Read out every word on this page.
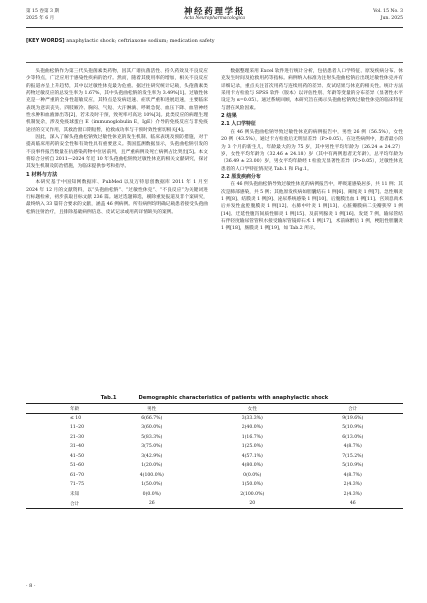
第 15 卷第 3 期
2025 年 6 月
神经药理学报
Acta Neuropharmacologica
Vol. 15 No. 3
Jun. 2025
[KEY WORDS] anaphylactic shock; ceftriaxone sodium; medication safety

头孢曲松钠作为第三代头孢菌素类药物，因其广谱抗菌活性、持久药效及不良反应少等特点，广泛应用于感染性疾病的治疗。然而，随着其使用率的增加，相关不良反应的报道亦呈上升趋势，其中以过敏性休克最为危重。据过往研究统计记载，头孢菌素类药物过敏反应的总发生率为 1.67%，其中头孢曲松钠的发生率为 3.49%[1]。过敏性休克是一种严重的全身性超敏反应，其特点是发病迅速、症状严重和进展迅速，主要临床表现为意识丧失、四肢厥冷、胸闷、气短、大汗淋漓、呼吸急促、血压下降、血管神经性水肿和血液渗出等[2]，若未及时干预，致死率可高达 10%[3]。此类反应的病理生理机制复杂，涉及免疫球蛋白 E（immunoglobulin E，IgE）介导的免疫反应与非免疫途径的交叉作用，其救治窗口期短暂，抢救成功率与干预时效性密切相关[4]。

因此，深入了解头孢曲松钠致过敏性休克的发生机制、临床表现及预防措施，对于提高临床用药的安全性和有效性具有重要意义。我国监测数据显示，头孢曲松钠引发的不良事件报告数量在抗感染药物中位居前列，且严重病例及死亡病例占比突出[5]。本文将综合分析自 2011—2024 年近 10 年头孢曲松钠致过敏性休克的相关文献研究，探讨其发生机制及防治措施，为临床提供参考和指导。

1 材料与方法

本研究基于中国知网数据库、PubMed 以及万特思创数据库 2011 年 1 月至 2024 年 12 月的文献资料，以“头孢曲松钠”、“过敏性休克”、“不良反应”为关键词进行标题检索，初步获取目标文献 236 篇。通过选题筛选，剔除重复报道及非个案研究，最终纳入 33 篇符合要求的文献，涵盖 46 例病例。所有病例均明确记载患者接受头孢曲松钠注射治疗，且排除基础病例信息、皮试记录或用药详情缺失的案例。

数据整理采用 Excel 软件进行统计分析，包括患者人口学特征、原发疾病分布、休克发生时间及抢救用药等指标。病例纳入标准为注射头孢曲松钠后出现过敏性休克并有详细记录，重点关注首次用药与连续用药的差异、皮试结果与休克的相关性。统计方法采用卡方检验与 SPSS 软件（版本）以评估性别、年龄等变量的分布差异（显著性水平设定为 α=0.05）。通过系统回顾，本研究旨在揭示头孢曲松钠致过敏性休克的临床特征与潜在风险因素。

2 结果
2.1 人口学特征

在 46 例头孢曲松钠导致过敏性休克的病例报告中，男性 26 例（56.5%），女性 20 例（43.5%），通过卡方检验后无明显差异（P>0.05）。在这些病例中，患者最小的为 3 个月的新生儿，年龄最大的为 75 岁，其中男性平均年龄为（26.24 ± 24.27）岁，女性平均年龄为（32.46 ± 24.18）岁（其中有两例患者无年龄），总平均年龄为（36.49 ± 23.00）岁，男女平均年龄经 t 检验无显著性差异（P>0.05），过敏性休克患者的人口学特征情况见 Tab.1 和 Fig.1。

2.2 原发疾病分布

在 46 例头孢曲松钠导致过敏性休克的病例报告中，呼吸道感染居多，共 11 例；其次是肺部感染，共 5 例；其他原发疾病如胆囊结石 1 例[6]、阑尾炎 1 例[7]、急性咽炎 1 例[8]、结膜炎 1 例[9]、泌尿系统感染 1 例[10]，后腹膜出血 1 例[11]、宫颈息肉术后并发性盆腔腹膜炎 1 例[12]、右肺中叶炎 1 例[13]、心脏瓣膜病二尖瓣狭窄 1 例[14]、迁延性腹泻间质性肺炎 1 例[15]、及前列腺炎 1 例[16]、发烧 7 例，输尿管结石伴轻度输尿管管积水接受输尿管镜碎石术 1 例[17]，术前麻醉后 1 例，梗阻性胆囊炎 1 例[18]，肠膜炎 1 例[19]，如 Tab.2 所示。

Tab.1	Demographic characteristics of patients with anaphylactic shock
年龄	男性	女性	合计
≤ 10	6(66.7%)	3(33.3%)	9(19.6%)
11–20	3(60.0%)	2(40.0%)	5(10.9%)
21–30	5(83.3%)	1(16.7%)	6(13.0%)
31–40	3(75.0%)	1(25.0%)	4(8.7%)
41–50	3(42.9%)	4(57.1%)	7(15.2%)
51–60	1(20.0%)	4(80.0%)	5(10.9%)
61–70	4(100.0%)	0(0.0%)	4(8.7%)
71–75	1(50.0%)	1(50.0%)	2(4.3%)
未知	0(0.0%)	2(100.0%)	2(4.3%)
合计	26	20	46
· 8 ·
